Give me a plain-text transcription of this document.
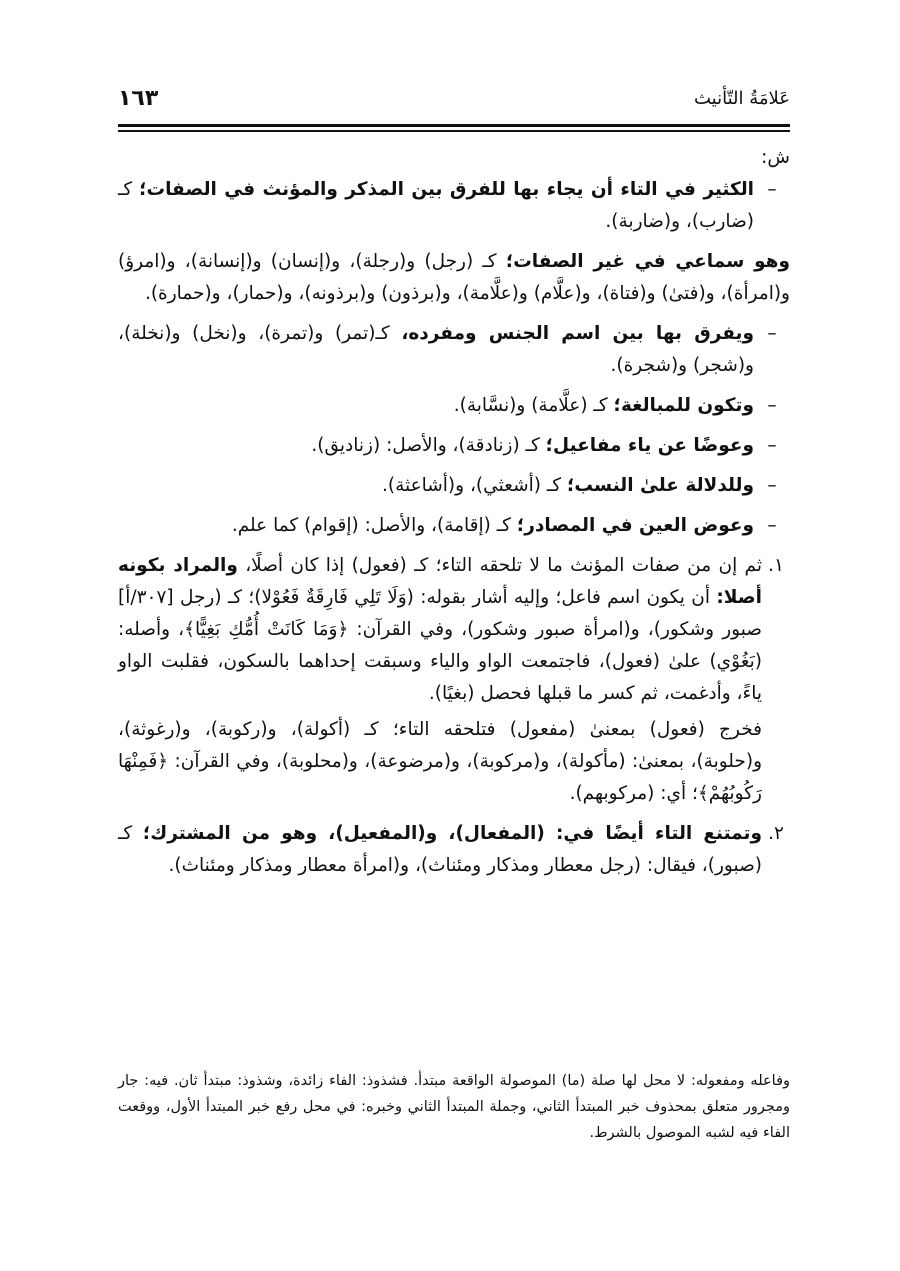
عَلامَةُ التّأنيث
١٦٣

ش:

–
الكثير في التاء أن يجاء بها للفرق بين المذكر والمؤنث في الصفات؛ كـ (ضارب)، و(ضاربة).

وهو سماعي في غير الصفات؛ كـ (رجل) و(رجلة)، و(إنسان) و(إنسانة)، و(امرؤ) و(امرأة)، و(فتىٰ) و(فتاة)، و(علَّام) و(علَّامة)، و(برذون) و(برذونه)، و(حمار)، و(حمارة).

–
ويفرق بها بين اسم الجنس ومفرده، كـ(تمر) و(تمرة)، و(نخل) و(نخلة)، و(شجر) و(شجرة).
–
وتكون للمبالغة؛ كـ (علَّامة) و(نسَّابة).
–
وعوضًا عن ياء مفاعيل؛ كـ (زنادقة)، والأصل: (زناديق).
–
وللدلالة علىٰ النسب؛ كـ (أشعثي)، و(أشاعثة).
–
وعوض العين في المصادر؛ كـ (إقامة)، والأصل: (إقوام) كما علم.
١.
ثم إن من صفات المؤنث ما لا تلحقه التاء؛ كـ (فعول) إذا كان أصلًا، والمراد بكونه أصلا: أن يكون اسم فاعل؛ وإليه أشار بقوله: (وَلَا تَلِي فَارِقَةٌ فَعُوْلا)؛ كـ (رجل [٣٠٧/أ] صبور وشكور)، و(امرأة صبور وشكور)، وفي القرآن: ﴿وَمَا كَانَتْ أُمُّكِ بَغِيًّا﴾، وأصله: (بَغُوْي) علىٰ (فعول)، فاجتمعت الواو والياء وسبقت إحداهما بالسكون، فقلبت الواو ياءً، وأدغمت، ثم كسر ما قبلها فحصل (بغيًا).
فخرج (فعول) بمعنىٰ (مفعول) فتلحقه التاء؛ كـ (أكولة)، و(ركوبة)، و(رغوثة)، و(حلوبة)، بمعنىٰ: (مأكولة)، و(مركوبة)، و(مرضوعة)، و(محلوبة)، وفي القرآن: ﴿فَمِنْهَا رَكُوبُهُمْ﴾؛ أي: (مركوبهم).
٢.
وتمتنع التاء أيضًا في: (المفعال)، و(المفعيل)، وهو من المشترك؛ كـ (صبور)، فيقال: (رجل معطار ومذكار ومئناث)، و(امرأة معطار ومذكار ومئناث).
وفاعله ومفعوله: لا محل لها صلة (ما) الموصولة الواقعة مبتدأ. فشذوذ: الفاء زائدة، وشذوذ: مبتدأ ثان. فيه: جار ومجرور متعلق بمحذوف خبر المبتدأ الثاني، وجملة المبتدأ الثاني وخبره: في محل رفع خبر المبتدأ الأول، ووقعت الفاء فيه لشبه الموصول بالشرط.
